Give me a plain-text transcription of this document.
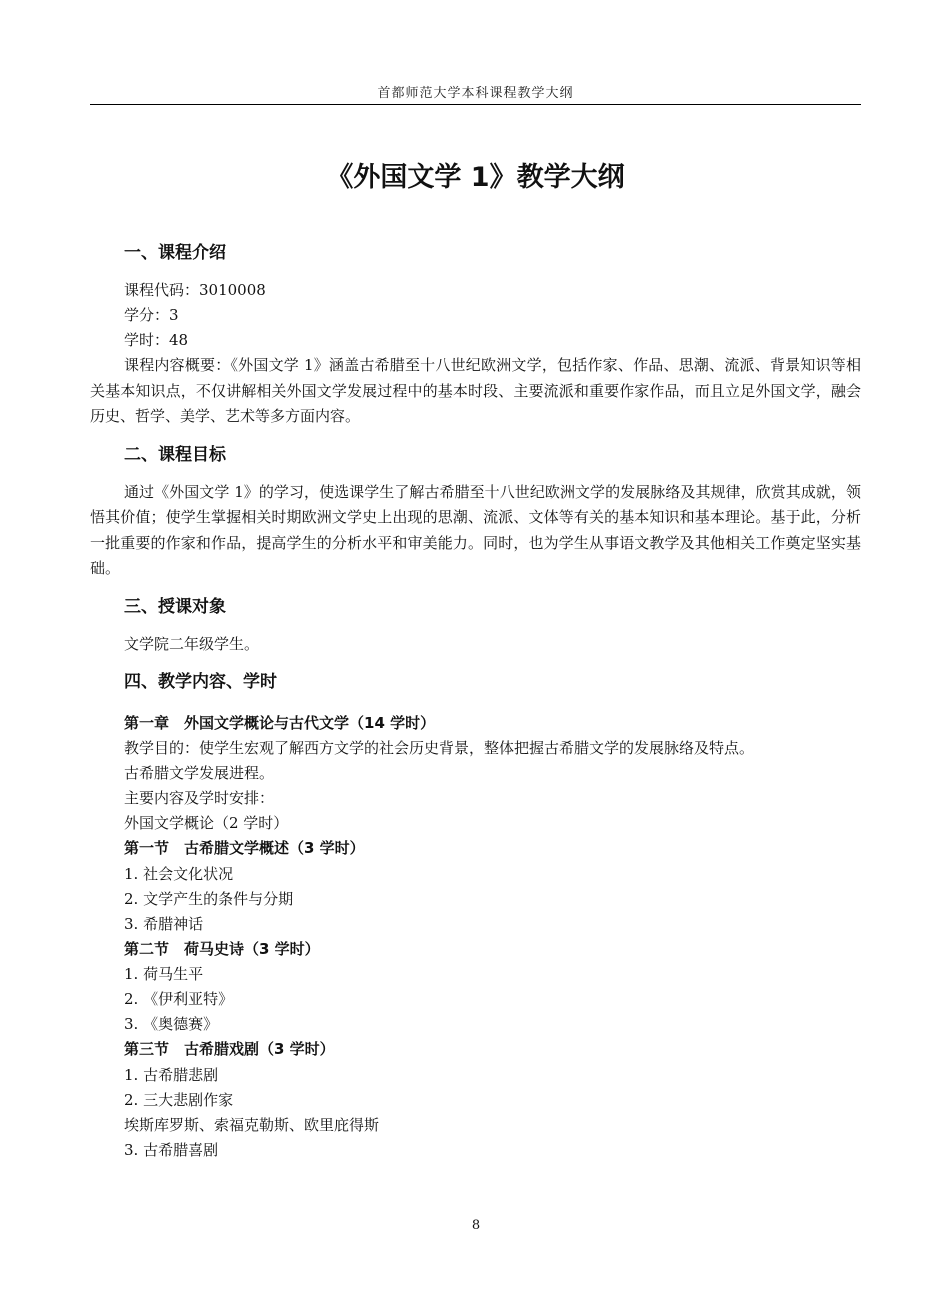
首都师范大学本科课程教学大纲
《外国文学 1》教学大纲
一、课程介绍
课程代码：3010008
学分：3
学时：48

课程内容概要：《外国文学 1》涵盖古希腊至十八世纪欧洲文学，包括作家、作品、思潮、流派、背景知识等相关基本知识点，不仅讲解相关外国文学发展过程中的基本时段、主要流派和重要作家作品，而且立足外国文学，融会历史、哲学、美学、艺术等多方面内容。

二、课程目标

通过《外国文学 1》的学习，使选课学生了解古希腊至十八世纪欧洲文学的发展脉络及其规律，欣赏其成就，领悟其价值；使学生掌握相关时期欧洲文学史上出现的思潮、流派、文体等有关的基本知识和基本理论。基于此，分析一批重要的作家和作品，提高学生的分析水平和审美能力。同时，也为学生从事语文教学及其他相关工作奠定坚实基础。

三、授课对象
文学院二年级学生。
四、教学内容、学时
第一章　外国文学概论与古代文学（14 学时）
教学目的：使学生宏观了解西方文学的社会历史背景，整体把握古希腊文学的发展脉络及特点。
古希腊文学发展进程。
主要内容及学时安排：
外国文学概论（2 学时）
第一节　古希腊文学概述（3 学时）
1. 社会文化状况
2. 文学产生的条件与分期
3. 希腊神话
第二节　荷马史诗（3 学时）
1. 荷马生平
2. 《伊利亚特》
3. 《奥德赛》
第三节　古希腊戏剧（3 学时）
1. 古希腊悲剧
2. 三大悲剧作家
埃斯库罗斯、索福克勒斯、欧里庇得斯
3. 古希腊喜剧
8
